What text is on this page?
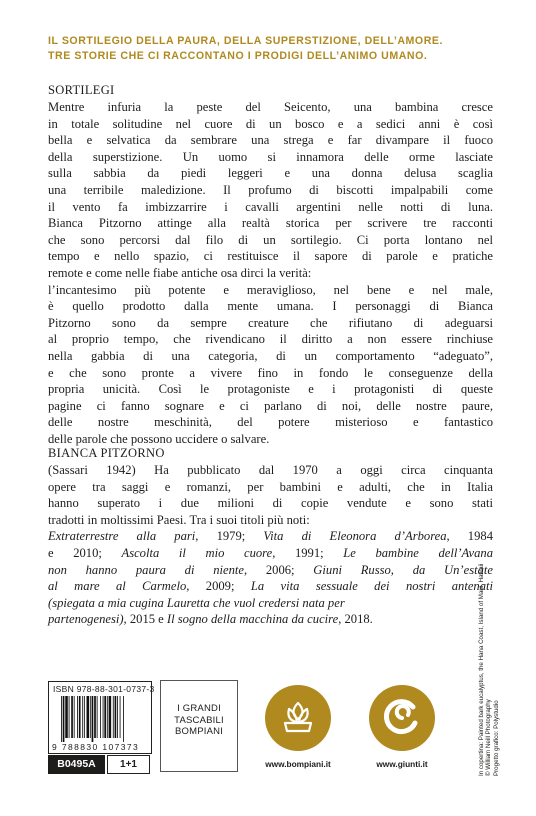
IL SORTILEGIO DELLA PAURA, DELLA SUPERSTIZIONE, DELL’AMORE.
TRE STORIE CHE CI RACCONTANO I PRODIGI DELL’ANIMO UMANO.
SORTILEGI
Mentre infuria la peste del Seicento, una bambina cresce
in totale solitudine nel cuore di un bosco e a sedici anni è così
bella e selvatica da sembrare una strega e far divampare il fuoco
della superstizione. Un uomo si innamora delle orme lasciate
sulla sabbia da piedi leggeri e una donna delusa scaglia
una terribile maledizione. Il profumo di biscotti impalpabili come
il vento fa imbizzarrire i cavalli argentini nelle notti di luna.
Bianca Pitzorno attinge alla realtà storica per scrivere tre racconti
che sono percorsi dal filo di un sortilegio. Ci porta lontano nel
tempo e nello spazio, ci restituisce il sapore di parole e pratiche
remote e come nelle fiabe antiche osa dirci la verità:
l’incantesimo più potente e meraviglioso, nel bene e nel male,
è quello prodotto dalla mente umana. I personaggi di Bianca
Pitzorno sono da sempre creature che rifiutano di adeguarsi
al proprio tempo, che rivendicano il diritto a non essere rinchiuse
nella gabbia di una categoria, di un comportamento “adeguato”,
e che sono pronte a vivere fino in fondo le conseguenze della
propria unicità. Così le protagoniste e i protagonisti di queste
pagine ci fanno sognare e ci parlano di noi, delle nostre paure,
delle nostre meschinità, del potere misterioso e fantastico
delle parole che possono uccidere o salvare.
BIANCA PITZORNO
(Sassari 1942) Ha pubblicato dal 1970 a oggi circa cinquanta
opere tra saggi e romanzi, per bambini e adulti, che in Italia
hanno superato i due milioni di copie vendute e sono stati
tradotti in moltissimi Paesi. Tra i suoi titoli più noti:
Extraterrestre alla pari, 1979; Vita di Eleonora d’Arborea, 1984
e 2010; Ascolta il mio cuore, 1991; Le bambine dell’Avana
non hanno paura di niente, 2006; Giuni Russo, da Un’estate
al mare al Carmelo, 2009; La vita sessuale dei nostri antenati
(spiegata a mia cugina Lauretta che vuol credersi nata per
partenogenesi), 2015 e Il sogno della macchina da cucire, 2018.
ISBN 978-88-301-0737-3
9 788830 107373
B0495A	1+1
I GRANDI
TASCABILI
BOMPIANI
www.bompiani.it	www.giunti.it	In copertina: Painted bark eucalyptus, the Hana Coast, Island of Maui, Hawaii © William Neill Photography Progetto grafico: Polystudio
